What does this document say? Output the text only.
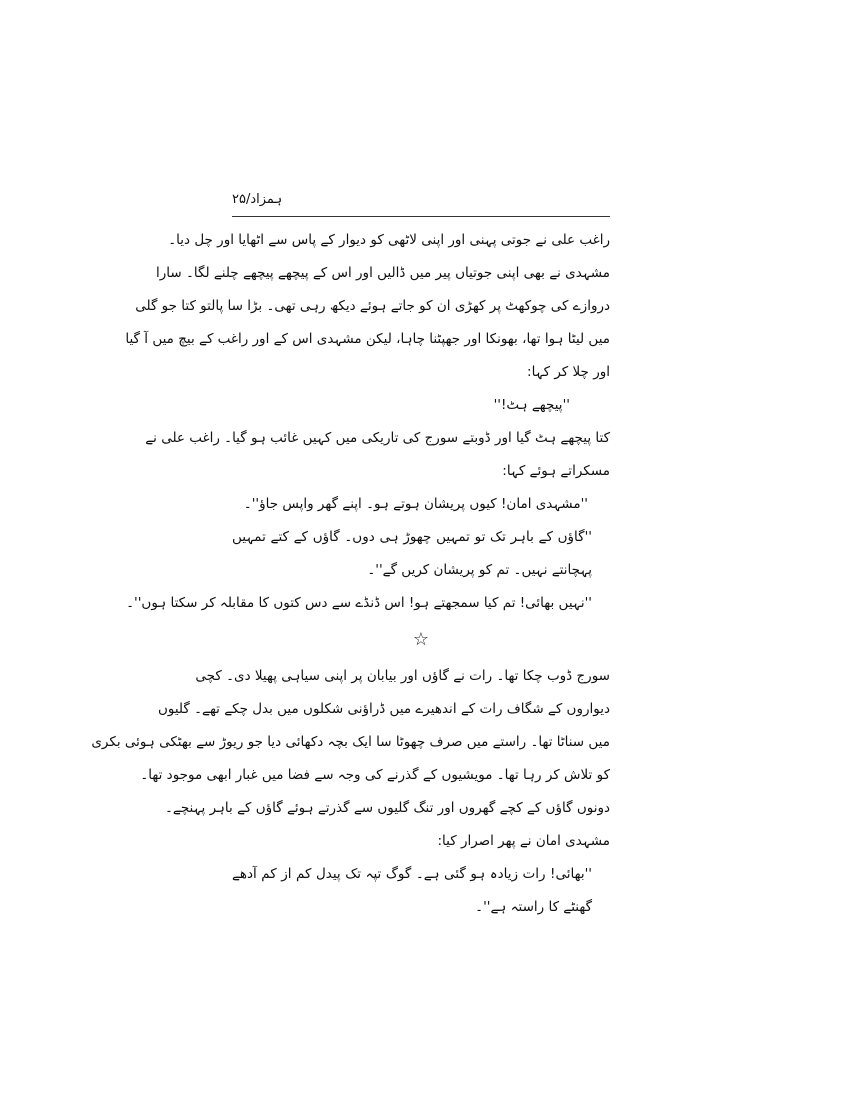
ہمزاد/۲۵
راغب علی نے جوتی پہنی اور اپنی لاٹھی کو دیوار کے پاس سے اٹھایا اور چل دیا۔
مشہدی نے بھی اپنی جوتیاں پیر میں ڈالیں اور اس کے پیچھے پیچھے چلنے لگا۔ سارا
دروازے کی چوکھٹ پر کھڑی ان کو جاتے ہوئے دیکھ رہی تھی۔ بڑا سا پالتو کتا جو گلی
میں لیٹا ہوا تھا، بھونکا اور جھپٹنا چاہا، لیکن مشہدی اس کے اور راغب کے بیچ میں آ گیا
اور چلا کر کہا:
''پیچھے ہٹ!''
کتا پیچھے ہٹ گیا اور ڈوبتے سورج کی تاریکی میں کہیں غائب ہو گیا۔ راغب علی نے
مسکراتے ہوئے کہا:
''مشہدی امان! کیوں پریشان ہوتے ہو۔ اپنے گھر واپس جاؤ''۔
''گاؤں کے باہر تک تو تمہیں چھوڑ ہی دوں۔ گاؤں کے کتے تمہیں
پہچانتے نہیں۔ تم کو پریشان کریں گے''۔
''نہیں بھائی! تم کیا سمجھتے ہو! اس ڈنڈے سے دس کتوں کا مقابلہ کر سکتا ہوں''۔
☆
سورج ڈوب چکا تھا۔ رات نے گاؤں اور بیابان پر اپنی سیاہی پھیلا دی۔ کچی
دیواروں کے شگاف رات کے اندھیرے میں ڈراؤنی شکلوں میں بدل چکے تھے۔ گلیوں
میں سناٹا تھا۔ راستے میں صرف چھوٹا سا ایک بچہ دکھائی دیا جو ریوڑ سے بھٹکی ہوئی بکری
کو تلاش کر رہا تھا۔ مویشیوں کے گذرنے کی وجہ سے فضا میں غبار ابھی موجود تھا۔
دونوں گاؤں کے کچے گھروں اور تنگ گلیوں سے گذرتے ہوئے گاؤں کے باہر پہنچے۔
مشہدی امان نے پھر اصرار کیا:
''بھائی! رات زیادہ ہو گئی ہے۔ گوگ تپہ تک پیدل کم از کم آدھے
گھنٹے کا راستہ ہے''۔
